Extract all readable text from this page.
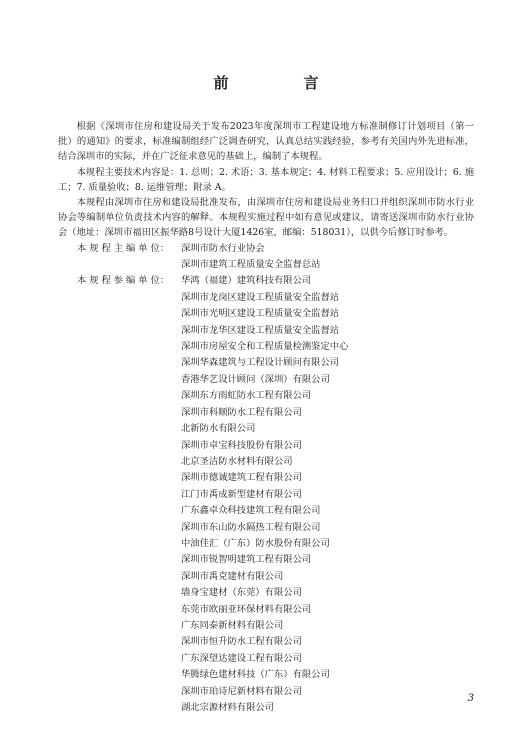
前　言

根据《深圳市住房和建设局关于发布2023年度深圳市工程建设地方标准制修订计划项目（第一批）的通知》的要求，标准编制组经广泛调查研究，认真总结实践经验，参考有关国内外先进标准，结合深圳市的实际，并在广泛征求意见的基础上，编制了本规程。

本规程主要技术内容是：1. 总则；2. 术语；3. 基本规定；4. 材料工程要求；5. 应用设计；6. 施工；7. 质量验收；8. 运维管理；附录 A。

本规程由深圳市住房和建设局批准发布，由深圳市住房和建设局业务归口并组织深圳市防水行业协会等编制单位负责技术内容的解释。本规程实施过程中如有意见或建议，请寄送深圳市防水行业协会（地址：深圳市福田区振华路8号设计大厦1426室，邮编：518031），以供今后修订时参考。

本 规 程 主 编 单 位：	深圳市防水行业协会
深圳市建筑工程质量安全监督总站
本 规 程 参 编 单 位：	华鸿（福建）建筑科技有限公司
深圳市龙岗区建设工程质量安全监督站
深圳市光明区建设工程质量安全监督站
深圳市龙华区建设工程质量安全监督站
深圳市房屋安全和工程质量检测鉴定中心
深圳华森建筑与工程设计顾问有限公司
香港华艺设计顾问（深圳）有限公司
深圳东方雨虹防水工程有限公司
深圳市科顺防水工程有限公司
北新防水有限公司
深圳市卓宝科技股份有限公司
北京圣洁防水材料有限公司
深圳市德诚建筑工程有限公司
江门市禹成新型建材有限公司
广东鑫卓众科技建筑工程有限公司
深圳市东山防水隔热工程有限公司
中油佳汇（广东）防水股份有限公司
深圳市锐智明建筑工程有限公司
深圳市禹克建材有限公司
墙身宝建材（东莞）有限公司
东莞市欧丽亚环保材料有限公司
广东同泰新材料有限公司
深圳市恒升防水工程有限公司
广东深望达建设工程有限公司
华腾绿色建材科技（广东）有限公司
深圳市珀诗尼新材料有限公司
湖北宗源材料有限公司
3
